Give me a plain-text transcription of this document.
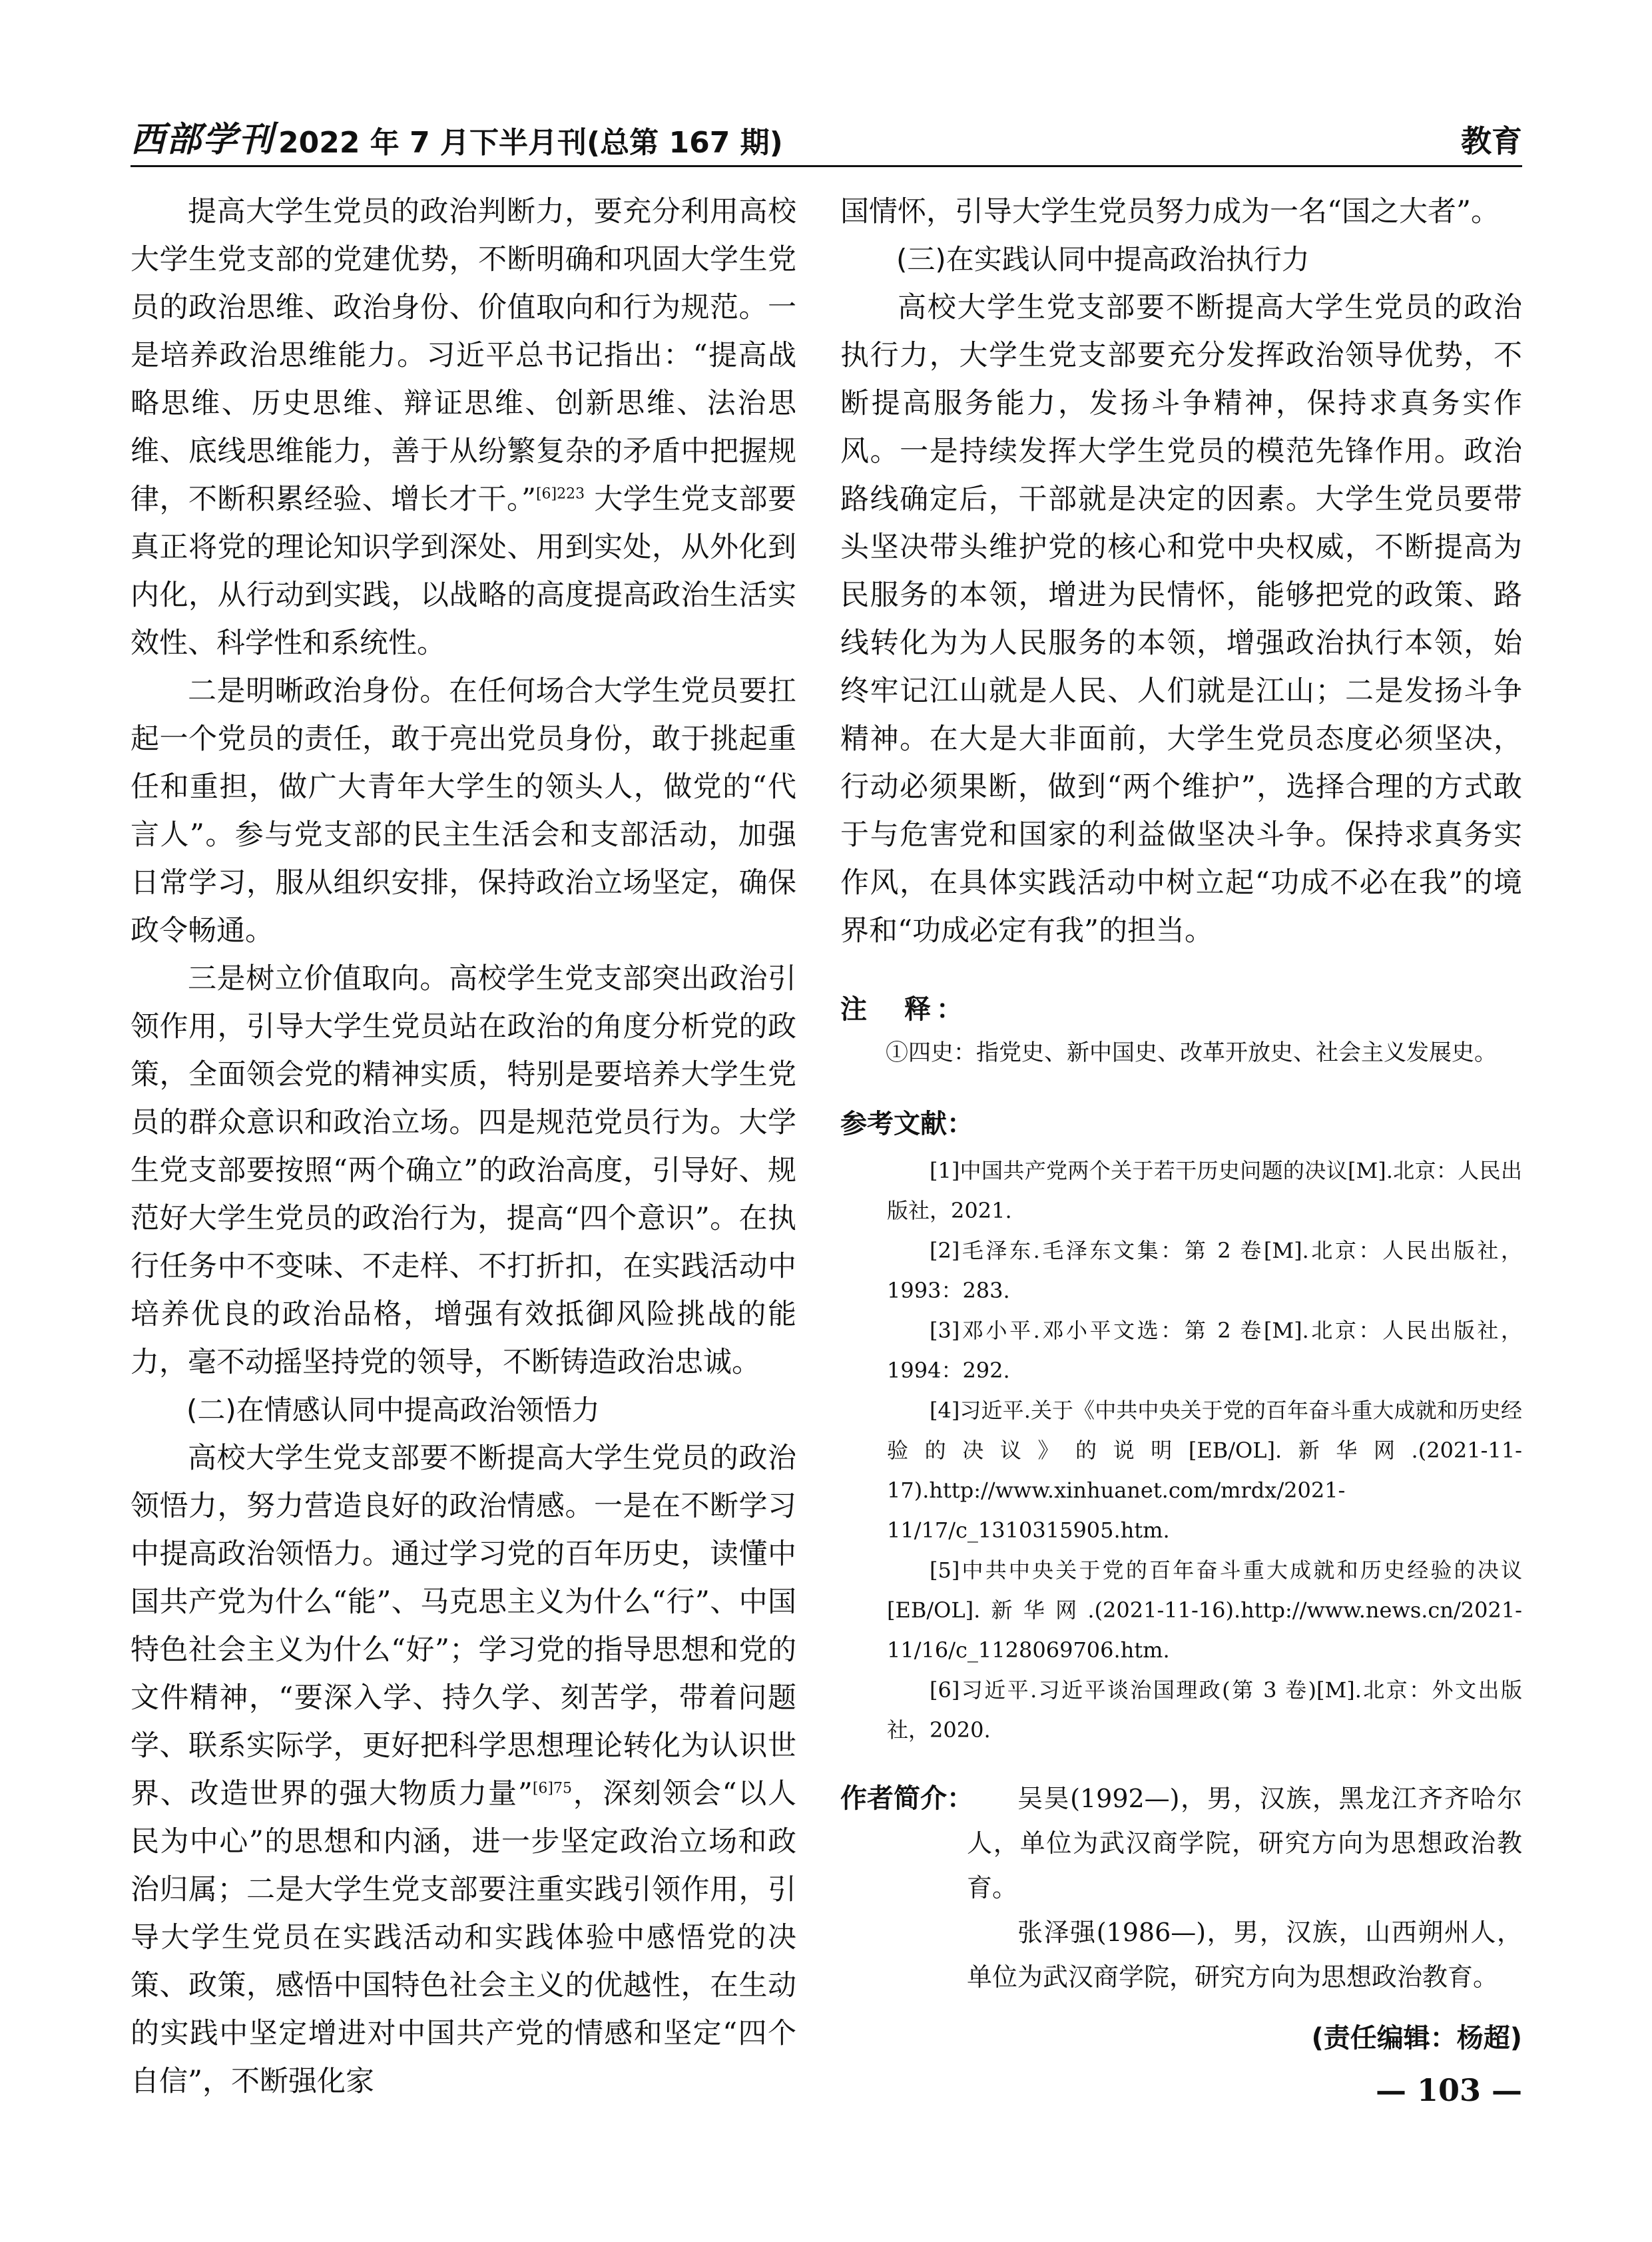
西部学刊 2022 年 7 月下半月刊(总第 167 期)	教育

提高大学生党员的政治判断力，要充分利用高校大学生党支部的党建优势，不断明确和巩固大学生党员的政治思维、政治身份、价值取向和行为规范。一是培养政治思维能力。习近平总书记指出：“提高战略思维、历史思维、辩证思维、创新思维、法治思维、底线思维能力，善于从纷繁复杂的矛盾中把握规律，不断积累经验、增长才干。”$^{[6]223}$ 大学生党支部要真正将党的理论知识学到深处、用到实处，从外化到内化，从行动到实践，以战略的高度提高政治生活实效性、科学性和系统性。

二是明晰政治身份。在任何场合大学生党员要扛起一个党员的责任，敢于亮出党员身份，敢于挑起重任和重担，做广大青年大学生的领头人，做党的“代言人”。参与党支部的民主生活会和支部活动，加强日常学习，服从组织安排，保持政治立场坚定，确保政令畅通。

三是树立价值取向。高校学生党支部突出政治引领作用，引导大学生党员站在政治的角度分析党的政策，全面领会党的精神实质，特别是要培养大学生党员的群众意识和政治立场。四是规范党员行为。大学生党支部要按照“两个确立”的政治高度，引导好、规范好大学生党员的政治行为，提高“四个意识”。在执行任务中不变味、不走样、不打折扣，在实践活动中培养优良的政治品格，增强有效抵御风险挑战的能力，毫不动摇坚持党的领导，不断铸造政治忠诚。

(二)在情感认同中提高政治领悟力

高校大学生党支部要不断提高大学生党员的政治领悟力，努力营造良好的政治情感。一是在不断学习中提高政治领悟力。通过学习党的百年历史，读懂中国共产党为什么“能”、马克思主义为什么“行”、中国特色社会主义为什么“好”；学习党的指导思想和党的文件精神，“要深入学、持久学、刻苦学，带着问题学、联系实际学，更好把科学思想理论转化为认识世界、改造世界的强大物质力量”$^{[6]75}$，深刻领会“以人民为中心”的思想和内涵，进一步坚定政治立场和政治归属；二是大学生党支部要注重实践引领作用，引导大学生党员在实践活动和实践体验中感悟党的决策、政策，感悟中国特色社会主义的优越性，在生动的实践中坚定增进对中国共产党的情感和坚定“四个自信”，不断强化家

国情怀，引导大学生党员努力成为一名“国之大者”。

(三)在实践认同中提高政治执行力

高校大学生党支部要不断提高大学生党员的政治执行力，大学生党支部要充分发挥政治领导优势，不断提高服务能力，发扬斗争精神，保持求真务实作风。一是持续发挥大学生党员的模范先锋作用。政治路线确定后，干部就是决定的因素。大学生党员要带头坚决带头维护党的核心和党中央权威，不断提高为民服务的本领，增进为民情怀，能够把党的政策、路线转化为为人民服务的本领，增强政治执行本领，始终牢记江山就是人民、人们就是江山；二是发扬斗争精神。在大是大非面前，大学生党员态度必须坚决，行动必须果断，做到“两个维护”，选择合理的方式敢于与危害党和国家的利益做坚决斗争。保持求真务实作风，在具体实践活动中树立起“功成不必在我”的境界和“功成必定有我”的担当。

注　释：

①四史：指党史、新中国史、改革开放史、社会主义发展史。

参考文献：

[1]中国共产党两个关于若干历史问题的决议[M].北京：人民出版社，2021.

[2]毛泽东.毛泽东文集：第 2 卷[M].北京：人民出版社，1993：283.

[3]邓小平.邓小平文选：第 2 卷[M].北京：人民出版社，1994：292.

[4]习近平.关于《中共中央关于党的百年奋斗重大成就和历史经验的决议》的说明[EB/OL].新华网.(2021-11-17).http://www.xinhuanet.com/mrdx/2021-11/17/c_1310315905.htm.

[5]中共中央关于党的百年奋斗重大成就和历史经验的决议[EB/OL].新华网.(2021-11-16).http://www.news.cn/2021-11/16/c_1128069706.htm.

[6]习近平.习近平谈治国理政(第 3 卷)[M].北京：外文出版社，2020.

作者简介：	吴昊(1992—)，男，汉族，黑龙江齐齐哈尔人，单位为武汉商学院，研究方向为思想政治教育。

张泽强(1986—)，男，汉族，山西朔州人，单位为武汉商学院，研究方向为思想政治教育。

(责任编辑：杨超)
— 103 —
